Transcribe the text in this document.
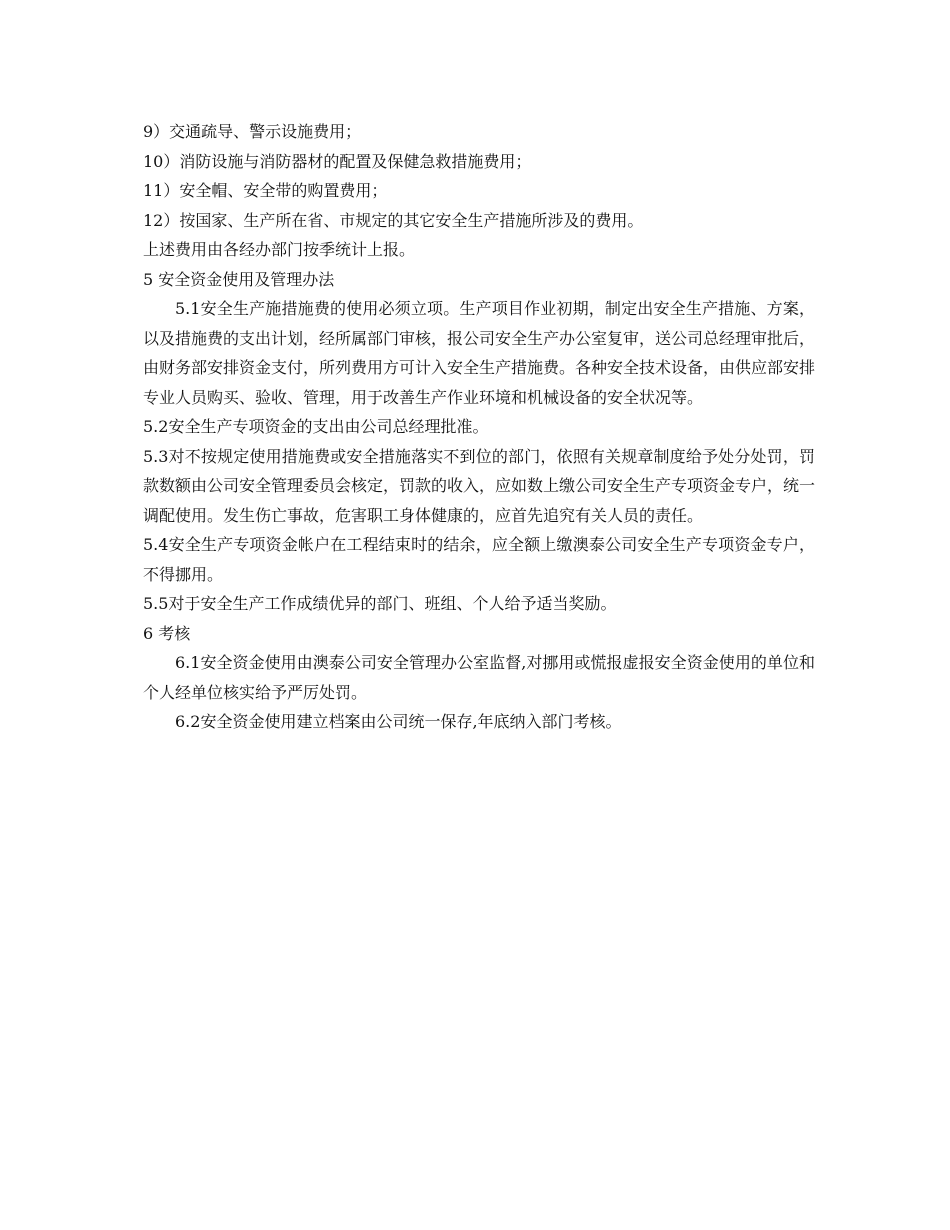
9）交通疏导、警示设施费用；

10）消防设施与消防器材的配置及保健急救措施费用；

11）安全帽、安全带的购置费用；

12）按国家、生产所在省、市规定的其它安全生产措施所涉及的费用。

上述费用由各经办部门按季统计上报。

5 安全资金使用及管理办法

5.1安全生产施措施费的使用必须立项。生产项目作业初期，制定出安全生产措施、方案，以及措施费的支出计划，经所属部门审核，报公司安全生产办公室复审，送公司总经理审批后，由财务部安排资金支付，所列费用方可计入安全生产措施费。各种安全技术设备，由供应部安排专业人员购买、验收、管理，用于改善生产作业环境和机械设备的安全状况等。

5.2安全生产专项资金的支出由公司总经理批准。

5.3对不按规定使用措施费或安全措施落实不到位的部门，依照有关规章制度给予处分处罚，罚款数额由公司安全管理委员会核定，罚款的收入，应如数上缴公司安全生产专项资金专户，统一调配使用。发生伤亡事故，危害职工身体健康的，应首先追究有关人员的责任。

5.4安全生产专项资金帐户在工程结束时的结余，应全额上缴澳泰公司安全生产专项资金专户，不得挪用。

5.5对于安全生产工作成绩优异的部门、班组、个人给予适当奖励。

6 考核

6.1安全资金使用由澳泰公司安全管理办公室监督,对挪用或慌报虚报安全资金使用的单位和个人经单位核实给予严厉处罚。

6.2安全资金使用建立档案由公司统一保存,年底纳入部门考核。
